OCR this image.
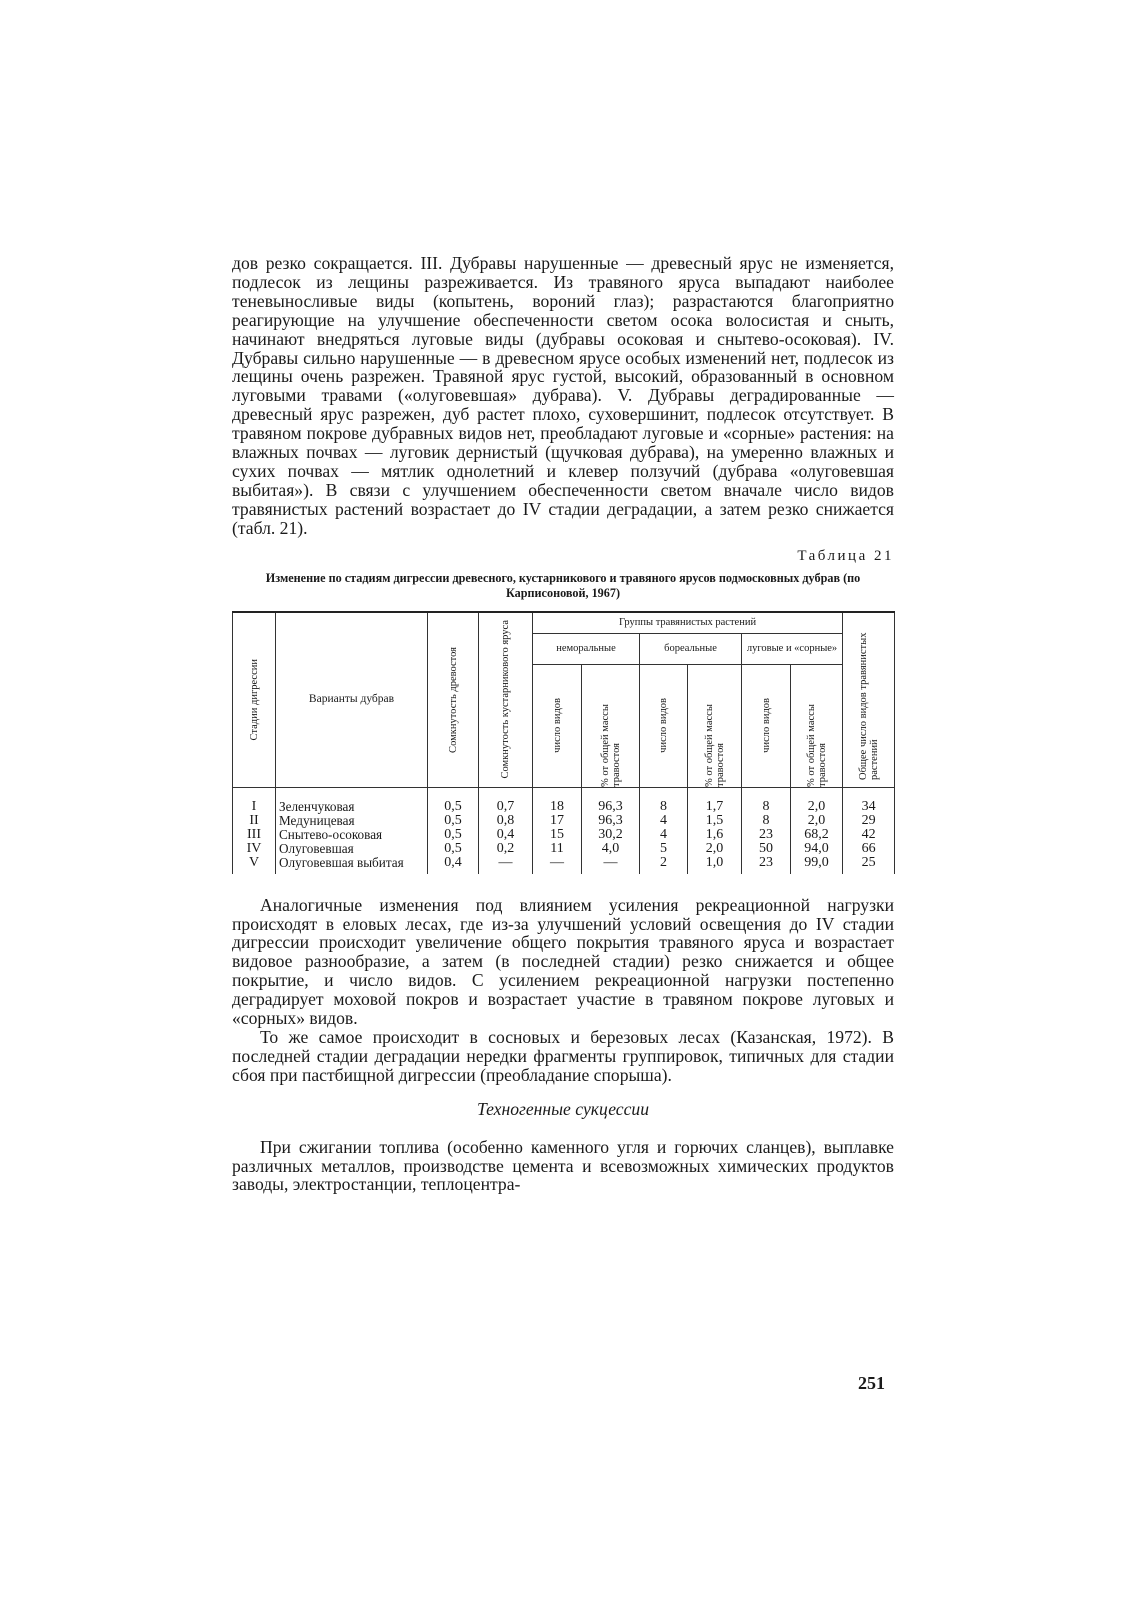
дов резко сокращается. III. Дубравы нарушенные — древесный ярус не изменяется, подлесок из лещины разреживается. Из травяного яруса выпадают наиболее теневыносливые виды (копытень, вороний глаз); разрастаются благоприятно реагирующие на улучшение обеспеченности светом осока волосистая и сныть, начинают внедряться луговые виды (дубравы осоковая и снытево-осоковая). IV. Дубравы сильно нарушенные — в древесном ярусе особых изменений нет, подлесок из лещины очень разрежен. Травяной ярус густой, высокий, образованный в основном луговыми травами («олуговевшая» дубрава). V. Дубравы деградированные — древесный ярус разрежен, дуб растет плохо, суховершинит, подлесок отсутствует. В травяном покрове дубравных видов нет, преобладают луговые и «сорные» растения: на влажных почвах — луговик дернистый (щучковая дубрава), на умеренно влажных и сухих почвах — мятлик однолетний и клевер ползучий (дубрава «олуговевшая выбитая»). В связи с улучшением обеспеченности светом вначале число видов травянистых растений возрастает до IV стадии деградации, а затем резко снижается (табл. 21).

Таблица 21
Изменение по стадиям дигрессии древесного, кустарникового и травяного ярусов подмосковных дубрав (по Карписоновой, 1967)
Стадии дигрессии	Варианты дубрав	Сомкнутость древостоя	Сомкнутость кустарникового яруса	Группы травянистых растений						Общее число видов травянистых растений

				неморальные		бореальные		луговые и «сорные»		

				число видов	% от общей массы травостоя	число видов	% от общей массы травостоя	число видов	% от общей массы травостоя	

I	Зеленчуковая	0,5	0,7	18	96,3	8	1,7	8	2,0	34
II	Медуницевая	0,5	0,8	17	96,3	4	1,5	8	2,0	29
III	Снытево-осоковая	0,5	0,4	15	30,2	4	1,6	23	68,2	42
IV	Олуговевшая	0,5	0,2	11	4,0	5	2,0	50	94,0	66
V	Олуговевшая выбитая	0,4	—	—	—	2	1,0	23	99,0	25

Аналогичные изменения под влиянием усиления рекреационной нагрузки происходят в еловых лесах, где из-за улучшений условий освещения до IV стадии дигрессии происходит увеличение общего покрытия травяного яруса и возрастает видовое разнообразие, а затем (в последней стадии) резко снижается и общее покрытие, и число видов. С усилением рекреационной нагрузки постепенно деградирует моховой покров и возрастает участие в травяном покрове луговых и «сорных» видов.

То же самое происходит в сосновых и березовых лесах (Казанская, 1972). В последней стадии деградации нередки фрагменты группировок, типичных для стадии сбоя при пастбищной дигрессии (преобладание спорыша).

Техногенные сукцессии

При сжигании топлива (особенно каменного угля и горючих сланцев), выплавке различных металлов, производстве цемента и всевозможных химических продуктов заводы, электростанции, теплоцентра-

251
